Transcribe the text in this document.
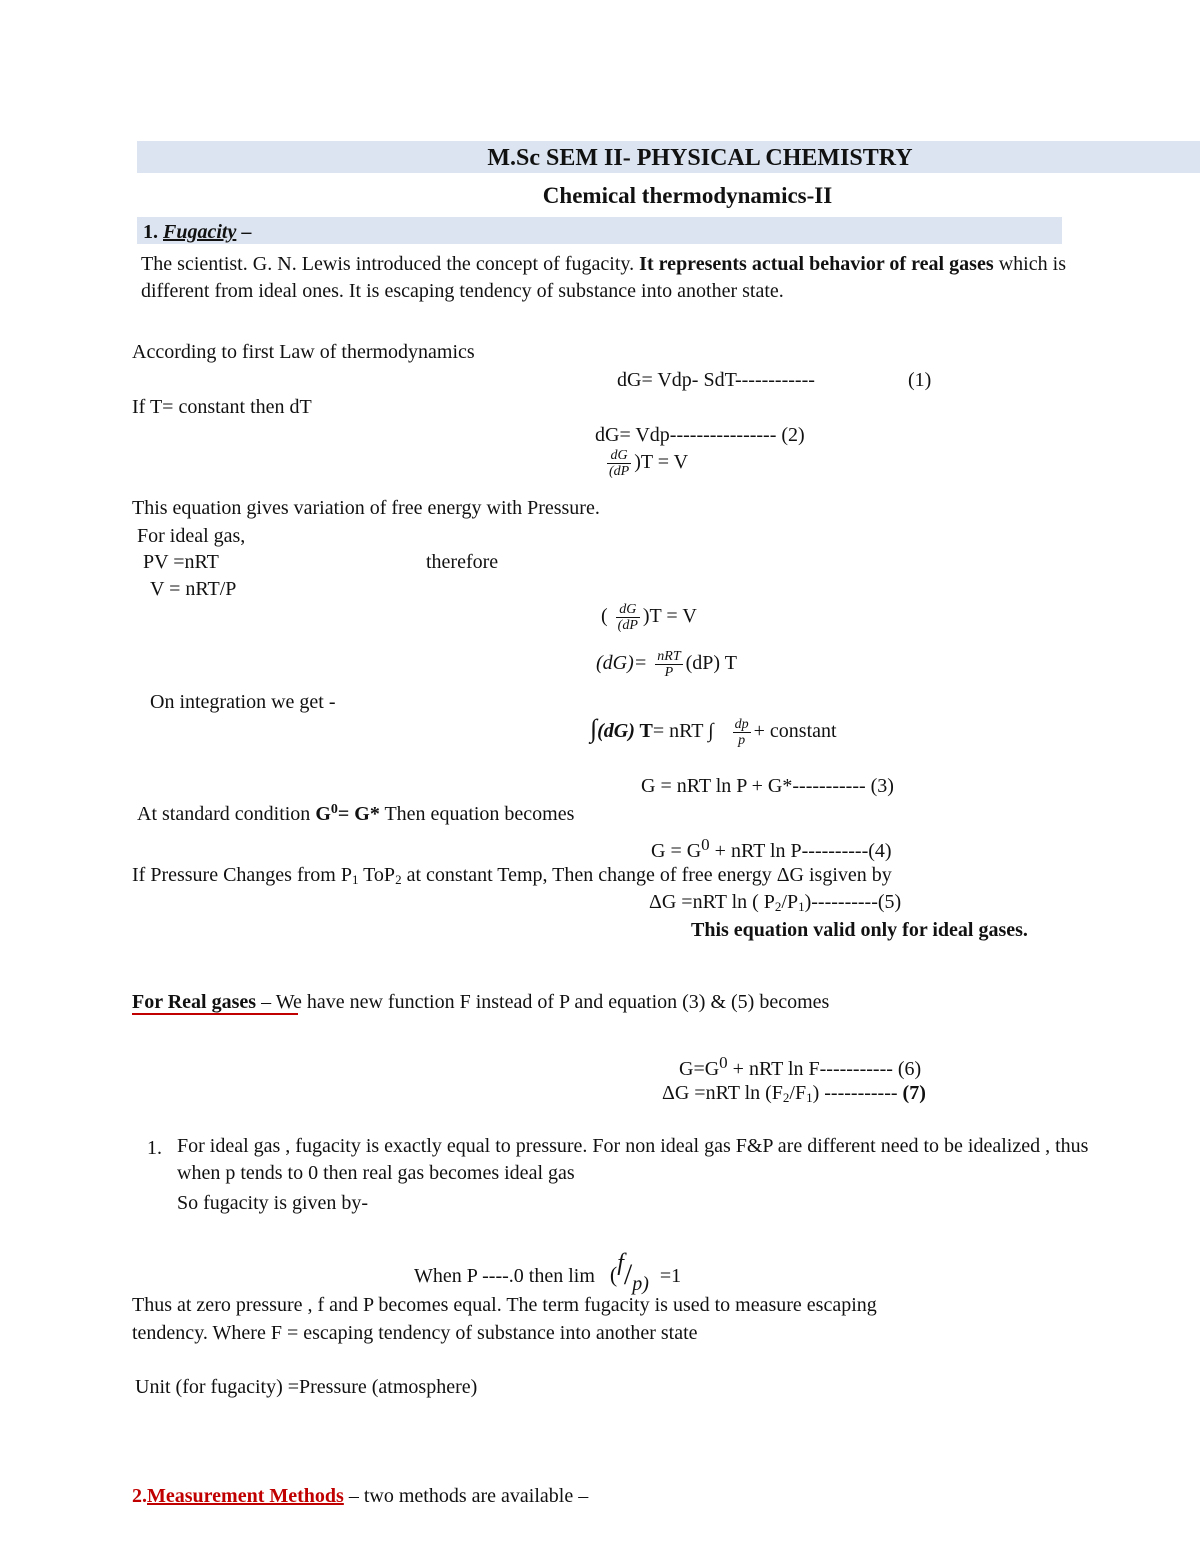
M.Sc SEM II- PHYSICAL CHEMISTRY
Chemical thermodynamics-II
1. Fugacity –
The scientist. G. N. Lewis introduced the concept of fugacity. It represents actual behavior of real gases which is different from ideal ones. It is escaping tendency of substance into another state.
According to first Law of thermodynamics
dG= Vdp- SdT------------	(1)
If T= constant then dT
dG= Vdp---------------- (2)
$\frac{dG}{(dP} )T = V$
This equation gives variation of free energy with Pressure.
For ideal gas,
PV =nRT	therefore
V = nRT/P
( $\frac{dG}{(dP} )T = V$
$(dG)= \frac{\text{nRT}}{P} (dP)$ T
On integration we get -
∫(dG) T= nRT ∫ $\frac{dp}{p}$ + constant
G = nRT ln P + G*----------- (3)
At standard condition $G^0= G*$ Then equation becomes
$G = G^0$ + nRT ln P----------(4)
If Pressure Changes from $P_1$ ToP$_2$ at constant Temp, Then change of free energy ΔG isgiven by
ΔG =nRT ln ( $P_2/P_1)----------(5)$
This equation valid only for ideal gases.
For Real gases – We have new function F instead of P and equation (3) & (5) becomes
$G=G^0$ + nRT ln F----------- (6)
ΔG =nRT $\ln (F_2/F_1)$ ----------- (7)
1. For ideal gas , fugacity is exactly equal to pressure. For non ideal gas F&P are different need to be idealized , thus when p tends to 0 then real gas becomes ideal gas
So fugacity is given by-
When P ----.0 then lim (f/p) =1
Thus at zero pressure , f and P becomes equal. The term fugacity is used to measure escaping
tendency. Where F = escaping tendency of substance into another state
Unit (for fugacity) =Pressure (atmosphere)
2.Measurement Methods – two methods are available –
